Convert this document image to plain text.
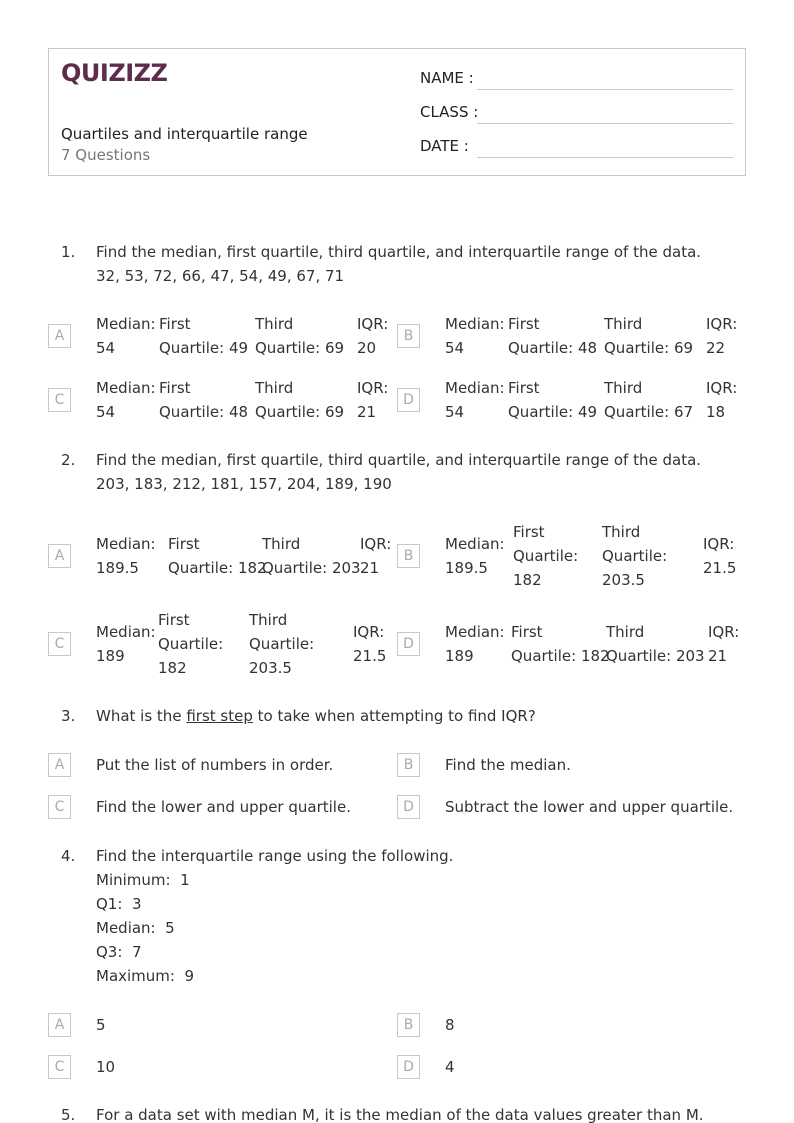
QUIZIZZ
Quartiles and interquartile range
7 Questions
NAME :
CLASS :
DATE :
1. Find the median, first quartile, third quartile, and interquartile range of the data.
32, 53, 72, 66, 47, 54, 49, 67, 71
A
Median:
54
First
Quartile: 49
Third
Quartile: 69
IQR:
20
B
Median:
54
First
Quartile: 48
Third
Quartile: 69
IQR:
22
C
Median:
54
First
Quartile: 48
Third
Quartile: 69
IQR:
21
D
Median:
54
First
Quartile: 49
Third
Quartile: 67
IQR:
18
2. Find the median, first quartile, third quartile, and interquartile range of the data.
203, 183, 212, 181, 157, 204, 189, 190
A
Median:
189.5
First
Quartile: 182
Third
Quartile: 203
IQR:
21
B
Median:
189.5
First
Quartile:
182
Third
Quartile:
203.5
IQR:
21.5
C
Median:
189
First
Quartile:
182
Third
Quartile:
203.5
IQR:
21.5
D
Median:
189
First
Quartile: 182
Third
Quartile: 203
IQR:
21
3. What is the first step to take when attempting to find IQR?
A	Put the list of numbers in order.	B	Find the median.
C	Find the lower and upper quartile.	D	Subtract the lower and upper quartile.
4. Find the interquartile range using the following.
Minimum:  1
Q1:  3
Median:  5
Q3:  7
Maximum:  9
A	5	B	8
C	10	D	4
5. For a data set with median M, it is the median of the data values greater than M.
